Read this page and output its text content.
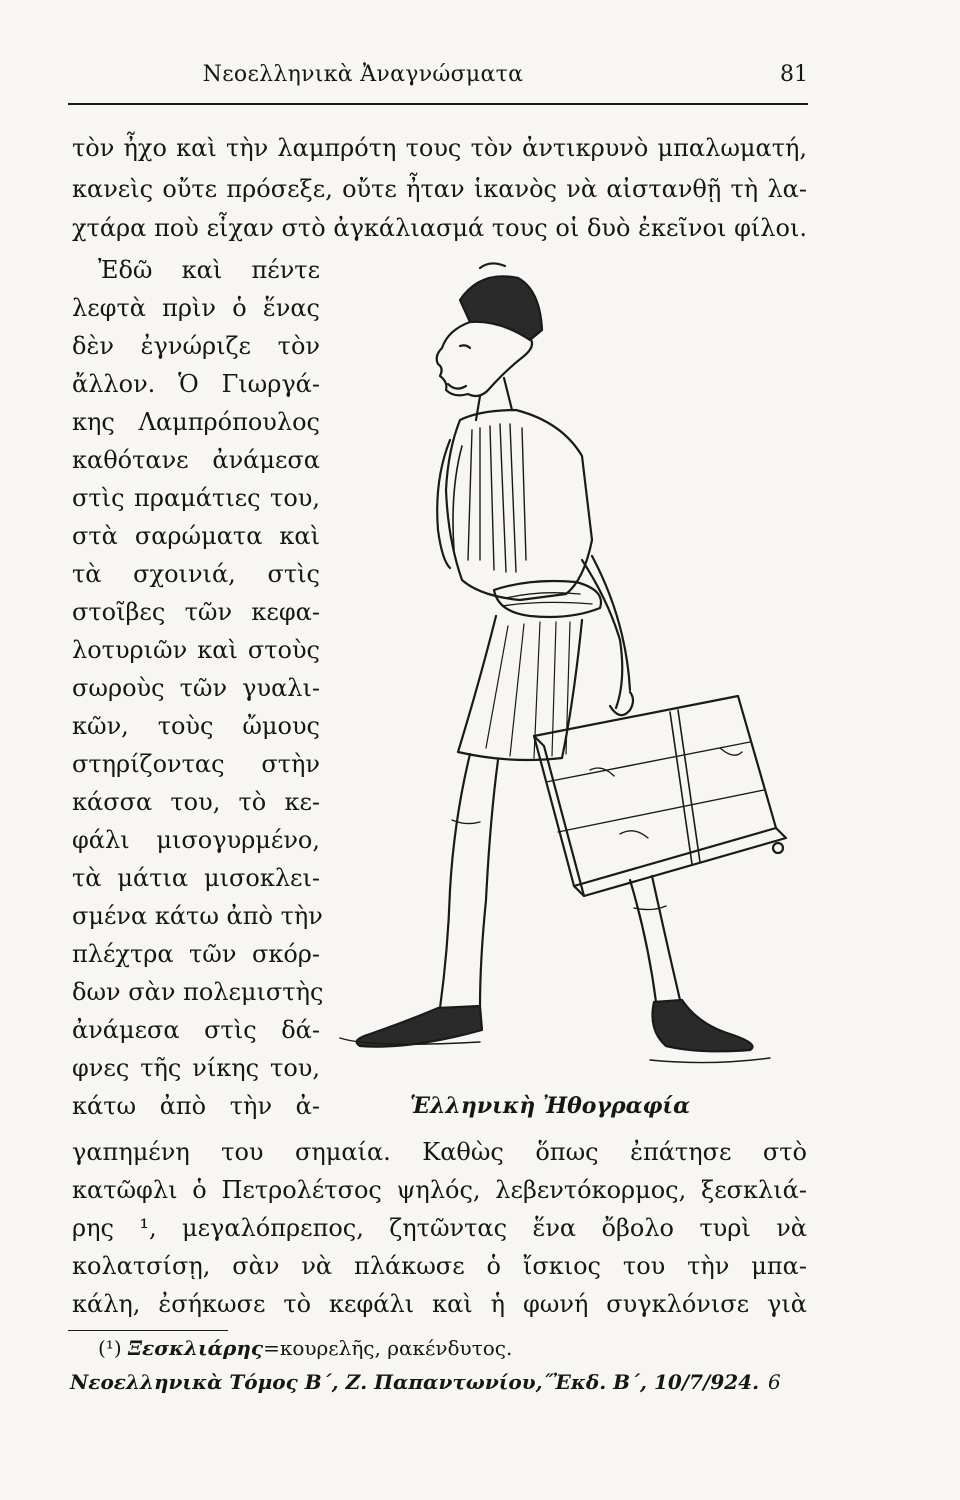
Νεοελληνικὰ Ἀναγνώσματα	81
τὸν ἦχο καὶ τὴν λαμπρότη τους τὸν ἀντικρυνὸ μπαλωματή,
κανεὶς οὔτε πρόσεξε, οὔτε ἦταν ἱκανὸς νὰ αἰστανθῇ τὴ λα-
χτάρα ποὺ εἶχαν στὸ ἀγκάλιασμά τους οἱ δυὸ ἐκεῖνοι φίλοι.
Ἐδῶ καὶ πέντε
λεφτὰ πρὶν ὁ ἕνας
δὲν ἐγνώριζε τὸν
ἄλλον. Ὁ Γιωργά-
κης Λαμπρόπουλος
καθότανε ἀνάμεσα
στὶς πραμάτιες του,
στὰ σαρώματα καὶ
τὰ σχοινιά, στὶς
στοῖβες τῶν κεφα-
λοτυριῶν καὶ στοὺς
σωροὺς τῶν γυαλι-
κῶν, τοὺς ὤμους
στηρίζοντας στὴν
κάσσα του, τὸ κε-
φάλι μισογυρμένο,
τὰ μάτια μισοκλει-
σμένα κάτω ἀπὸ τὴν
πλέχτρα τῶν σκόρ-
δων σὰν πολεμιστὴς
ἀνάμεσα στὶς δά-
φνες τῆς νίκης του,
κάτω ἀπὸ τὴν ἀ-	Ἑλληνικὴ Ἠθογραφία
γαπημένη του σημαία. Καθὼς ὅπως ἐπάτησε στὸ
κατῶφλι ὁ Πετρολέτσος ψηλός, λεβεντόκορμος, ξεσκλιά-
ρης ¹, μεγαλόπρεπος, ζητῶντας ἕνα ὄβολο τυρὶ νὰ
κολατσίσῃ, σὰν νὰ πλάκωσε ὁ ἴσκιος του τὴν μπα-
κάλη, ἐσήκωσε τὸ κεφάλι καὶ ἡ φωνή συγκλόνισε γιὰ
(¹) Ξεσκλιάρης=κουρελῆς, ρακένδυτος.
Νεοελληνικὰ Τόμος Β΄, Ζ. Παπαντωνίου,˝Ἐκδ. Β΄, 10/7/924. 6
